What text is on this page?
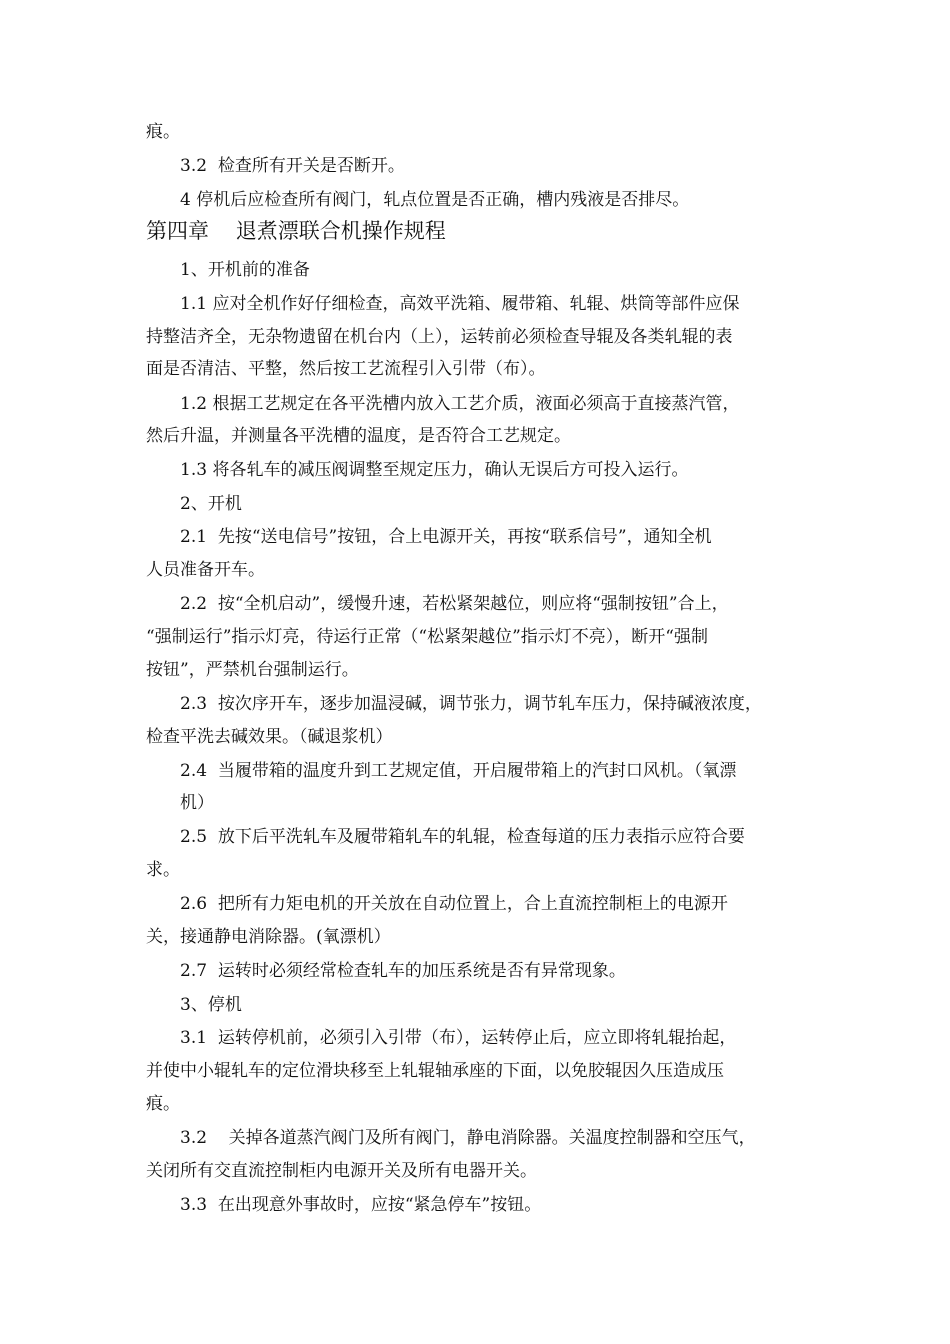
痕。
3.2  检查所有开关是否断开。
4 停机后应检查所有阀门，轧点位置是否正确，槽内残液是否排尽。
第四章    退煮漂联合机操作规程
1、开机前的准备
1.1 应对全机作好仔细检查，高效平洗箱、履带箱、轧辊、烘筒等部件应保
持整洁齐全，无杂物遗留在机台内（上），运转前必须检查导辊及各类轧辊的表
面是否清洁、平整，然后按工艺流程引入引带（布）。
1.2 根据工艺规定在各平洗槽内放入工艺介质，液面必须高于直接蒸汽管，
然后升温，并测量各平洗槽的温度，是否符合工艺规定。
1.3 将各轧车的减压阀调整至规定压力，确认无误后方可投入运行。
2、开机
2.1  先按“送电信号”按钮，合上电源开关，再按“联系信号”，通知全机
人员准备开车。
2.2  按“全机启动”，缓慢升速，若松紧架越位，则应将“强制按钮”合上，
“强制运行”指示灯亮，待运行正常（“松紧架越位”指示灯不亮），断开“强制
按钮”，严禁机台强制运行。
2.3  按次序开车，逐步加温浸碱，调节张力，调节轧车压力，保持碱液浓度，
检查平洗去碱效果。（碱退浆机）
2.4  当履带箱的温度升到工艺规定值，开启履带箱上的汽封口风机。（氧漂
机）
2.5  放下后平洗轧车及履带箱轧车的轧辊，检查每道的压力表指示应符合要
求。
2.6  把所有力矩电机的开关放在自动位置上，合上直流控制柜上的电源开
关，接通静电消除器。(氧漂机）
2.7  运转时必须经常检查轧车的加压系统是否有异常现象。
3、停机
3.1  运转停机前，必须引入引带（布），运转停止后，应立即将轧辊抬起，
并使中小辊轧车的定位滑块移至上轧辊轴承座的下面，以免胶辊因久压造成压
痕。
3.2    关掉各道蒸汽阀门及所有阀门，静电消除器。关温度控制器和空压气，
关闭所有交直流控制柜内电源开关及所有电器开关。
3.3  在出现意外事故时，应按“紧急停车”按钮。
